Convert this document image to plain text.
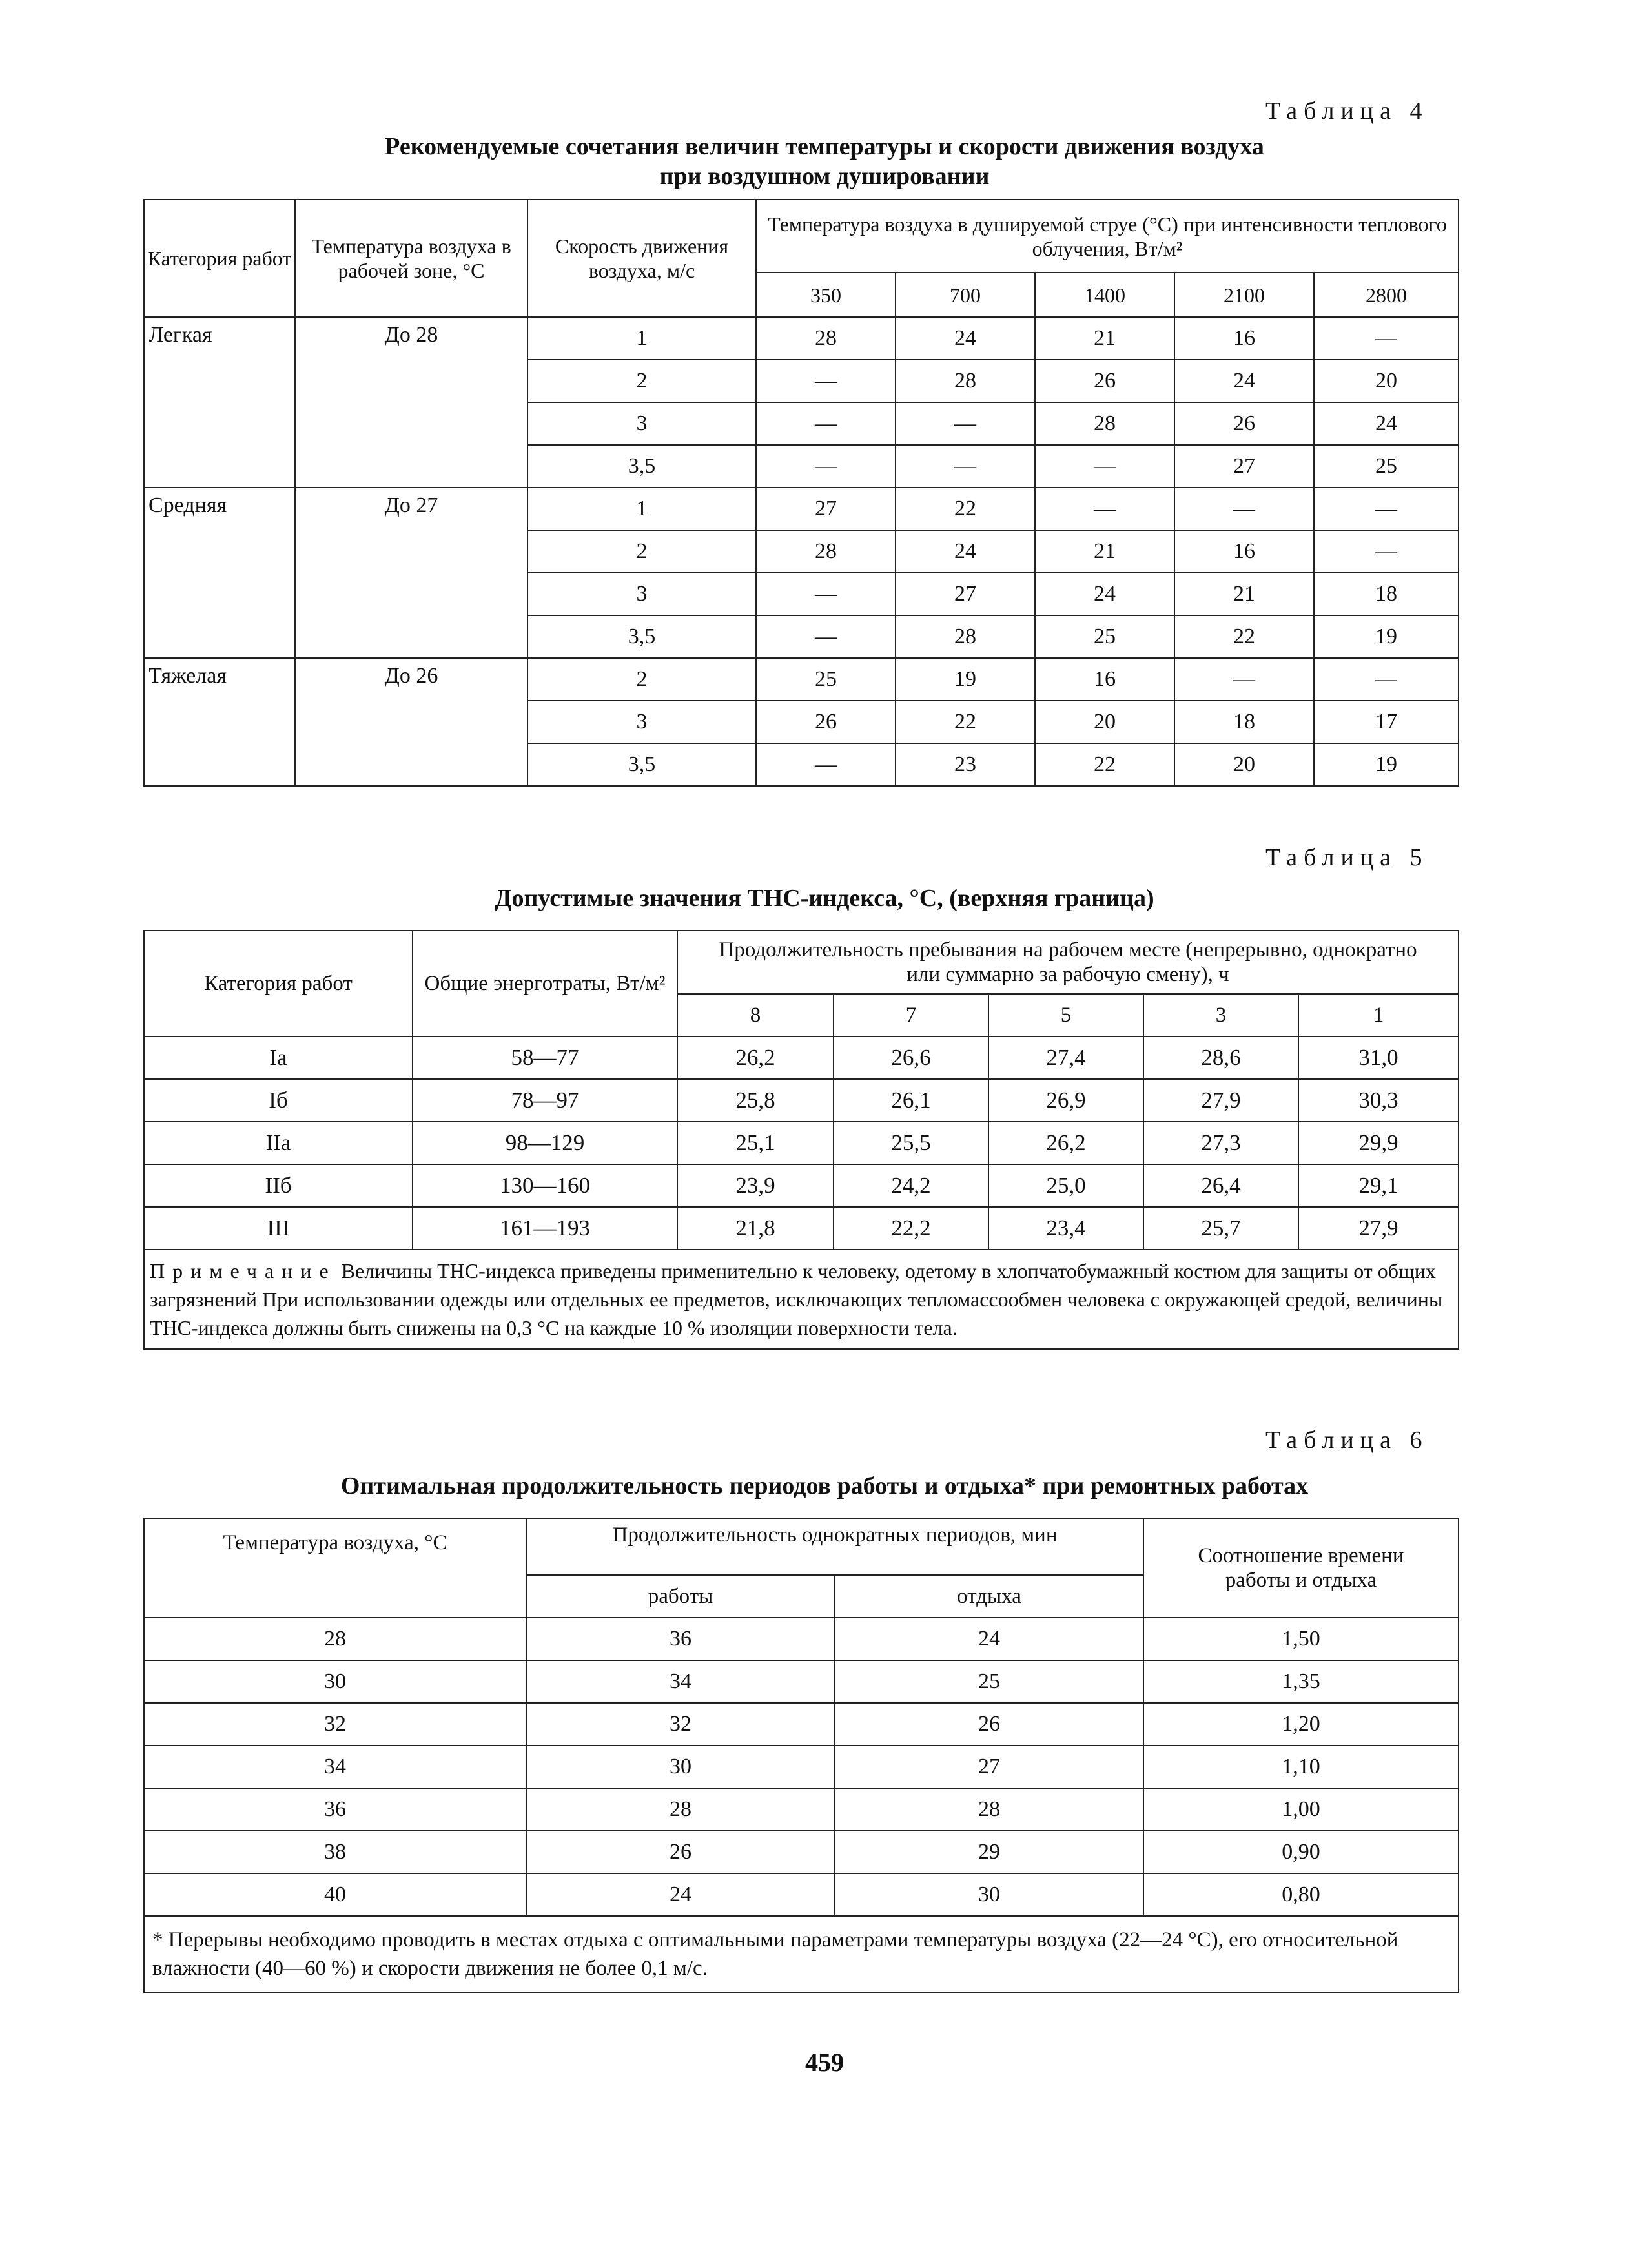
Таблица 4
Рекомендуемые сочетания величин температуры и скорости движения воздуха
при воздушном душировании
Категория работ	Температура воздуха в рабочей зоне, °С	Скорость движения воздуха, м/с	Температура воздуха в душируемой струе (°С) при интенсивности теплового облучения, Вт/м²				
			350	700	1400	2100	2800
Легкая	До 28	1	28	24	21	16	—
		2	—	28	26	24	20
		3	—	—	28	26	24
		3,5	—	—	—	27	25
Средняя	До 27	1	27	22	—	—	—
		2	28	24	21	16	—
		3	—	27	24	21	18
		3,5	—	28	25	22	19
Тяжелая	До 26	2	25	19	16	—	—
		3	26	22	20	18	17
		3,5	—	23	22	20	19
Таблица 5
Допустимые значения ТНС-индекса, °С, (верхняя граница)
Категория работ	Общие энерготраты, Вт/м²	Продолжительность пребывания на рабочем месте (непрерывно, однократно или суммарно за рабочую смену), ч				
		8	7	5	3	1
Ia	58—77	26,2	26,6	27,4	28,6	31,0
Iб	78—97	25,8	26,1	26,9	27,9	30,3
IIa	98—129	25,1	25,5	26,2	27,3	29,9
IIб	130—160	23,9	24,2	25,0	26,4	29,1
III	161—193	21,8	22,2	23,4	25,7	27,9
Примечание Величины ТНС-индекса приведены применительно к человеку, одетому в хлопчатобумажный костюм для защиты от общих загрязнений При использовании одежды или отдельных ее предметов, исключающих тепломассообмен человека с окружающей средой, величины ТНС-индекса должны быть снижены на 0,3 °С на каждые 10 % изоляции поверхности тела.						
Таблица 6
Оптимальная продолжительность периодов работы и отдыха* при ремонтных работах
Температура воздуха, °С	Продолжительность однократных периодов, мин		Соотношение времени работы и отдыха
	работы	отдыха	
28	36	24	1,50
30	34	25	1,35
32	32	26	1,20
34	30	27	1,10
36	28	28	1,00
38	26	29	0,90
40	24	30	0,80
* Перерывы необходимо проводить в местах отдыха с оптимальными параметрами температуры воздуха (22—24 °С), его относительной влажности (40—60 %) и скорости движения не более 0,1 м/с.			
459
